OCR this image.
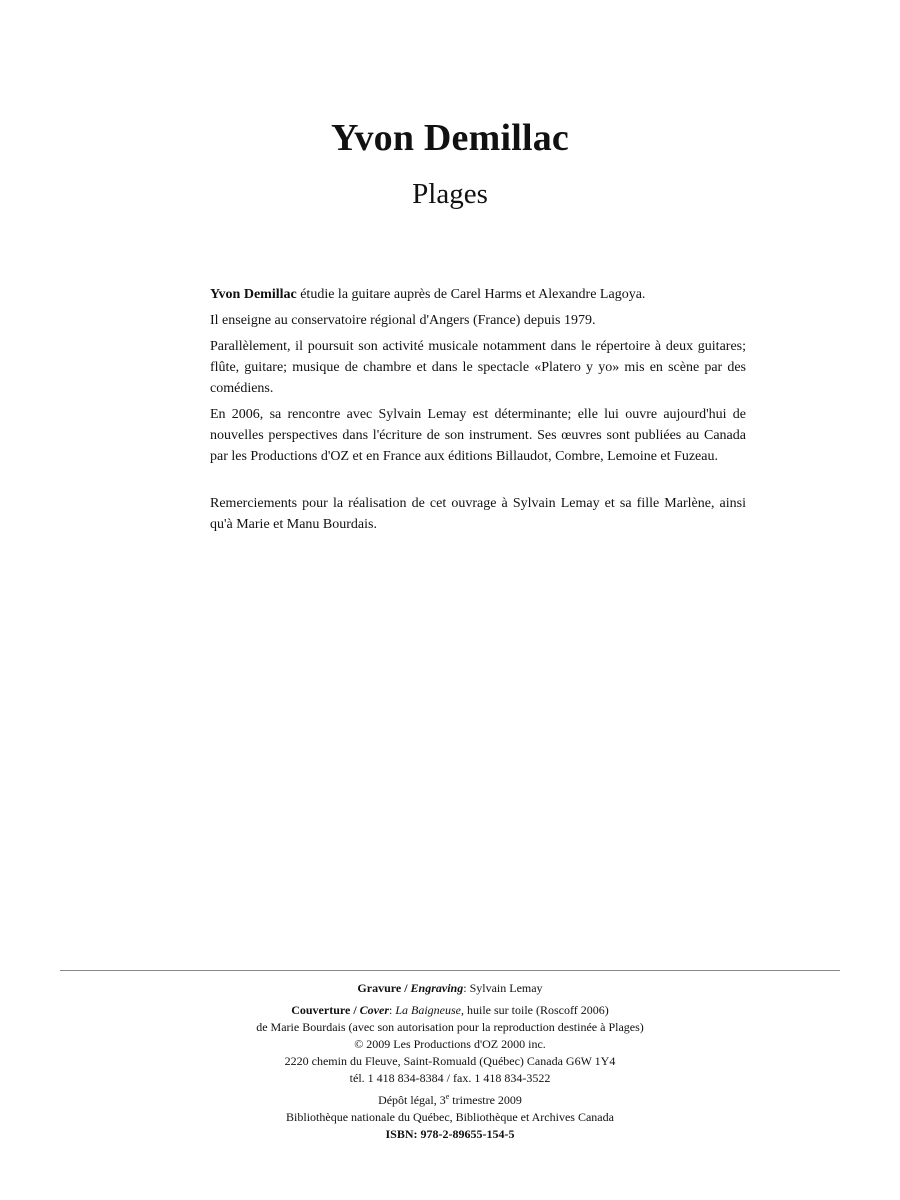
Yvon Demillac
Plages

Yvon Demillac étudie la guitare auprès de Carel Harms et Alexandre Lagoya.

Il enseigne au conservatoire régional d'Angers (France) depuis 1979.

Parallèlement, il poursuit son activité musicale notamment dans le répertoire à deux guitares; flûte, guitare; musique de chambre et dans le spectacle «Platero y yo» mis en scène par des comédiens.

En 2006, sa rencontre avec Sylvain Lemay est déterminante; elle lui ouvre aujourd'hui de nouvelles perspectives dans l'écriture de son instrument. Ses œuvres sont publiées au Canada par les Productions d'OZ et en France aux éditions Billaudot, Combre, Lemoine et Fuzeau.

Remerciements pour la réalisation de cet ouvrage à Sylvain Lemay et sa fille Marlène, ainsi qu'à Marie et Manu Bourdais.

Gravure / Engraving: Sylvain Lemay
Couverture / Cover: La Baigneuse, huile sur toile (Roscoff 2006)
de Marie Bourdais (avec son autorisation pour la reproduction destinée à Plages)
© 2009 Les Productions d'OZ 2000 inc.
2220 chemin du Fleuve, Saint-Romuald (Québec) Canada G6W 1Y4
tél. 1 418 834-8384 / fax. 1 418 834-3522
Dépôt légal, 3e trimestre 2009
Bibliothèque nationale du Québec, Bibliothèque et Archives Canada
ISBN: 978-2-89655-154-5
